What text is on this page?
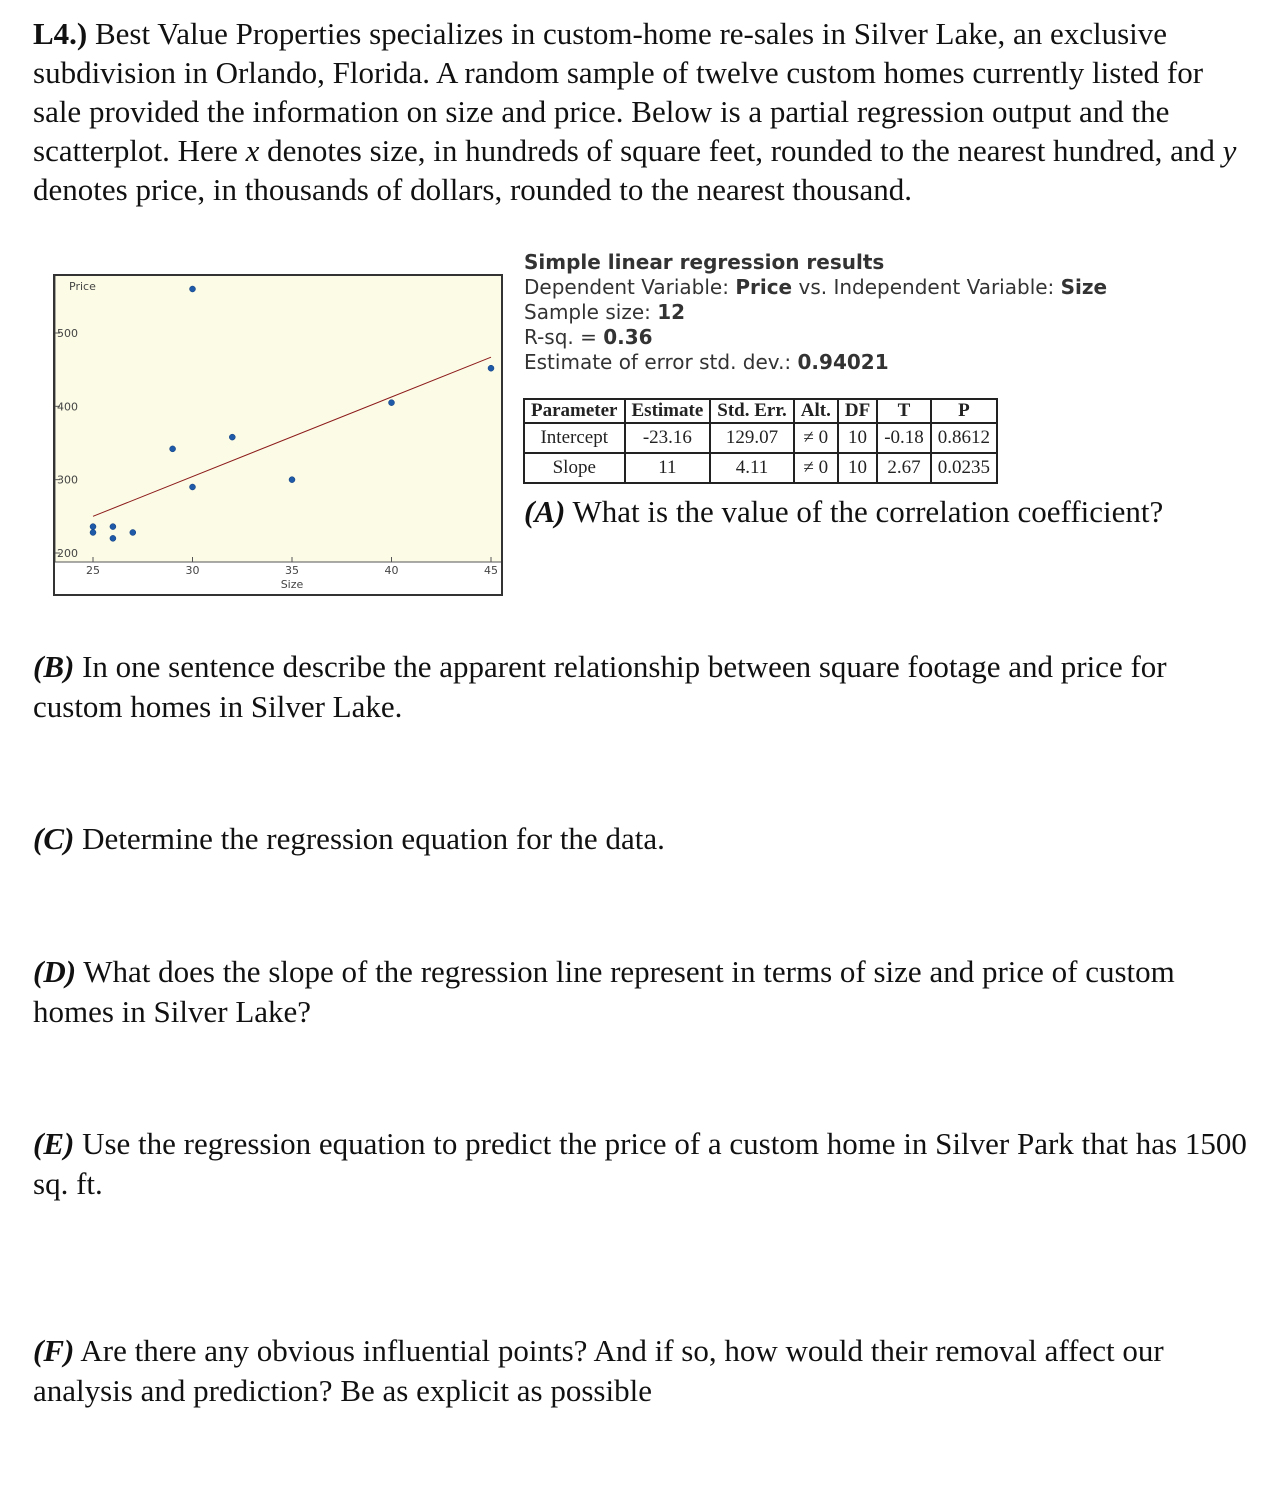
L4.) Best Value Properties specializes in custom-home re-sales in Silver Lake, an exclusive subdivision in Orlando, Florida. A random sample of twelve custom homes currently listed for sale provided the information on size and price. Below is a partial regression output and the scatterplot. Here x denotes size, in hundreds of square feet, rounded to the nearest hundred, and y denotes price, in thousands of dollars, rounded to the nearest thousand.
200
300
400
500
25	30	35	40	45
Price
Size
Simple linear regression results
Dependent Variable: Price vs. Independent Variable: Size
Sample size: 12
R-sq. = 0.36
Estimate of error std. dev.: 0.94021
Parameter	Estimate	Std. Err.	Alt.	DF	T	P
Intercept	-23.16	129.07	≠ 0	10	-0.18	0.8612
Slope	11	4.11	≠ 0	10	2.67	0.0235
(A) What is the value of the correlation coefficient?
(B) In one sentence describe the apparent relationship between square footage and price for custom homes in Silver Lake.
(C) Determine the regression equation for the data.
(D) What does the slope of the regression line represent in terms of size and price of custom homes in Silver Lake?
(E) Use the regression equation to predict the price of a custom home in Silver Park that has 1500 sq. ft.
(F) Are there any obvious influential points? And if so, how would their removal affect our analysis and prediction? Be as explicit as possible
